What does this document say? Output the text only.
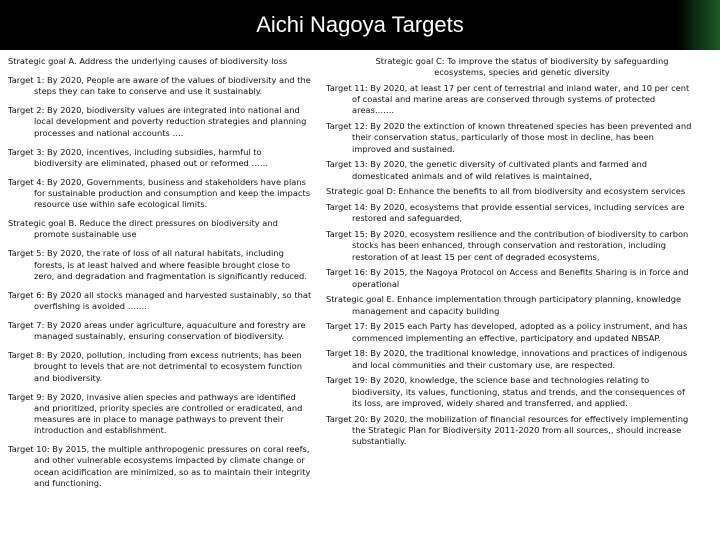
Aichi Nagoya Targets

Strategic goal A. Address the underlying causes of biodiversity loss

Target 1: By 2020, People are aware of the values of biodiversity and the steps they can take to conserve and use it sustainably.

Target 2: By 2020, biodiversity values are integrated into national and local development and poverty reduction strategies and planning processes and national accounts ….

Target 3: By 2020, incentives, including subsidies, harmful to biodiversity are eliminated, phased out or reformed ……

Target 4: By 2020, Governments, business and stakeholders have plans for sustainable production and consumption and keep the impacts resource use within safe ecological limits.

Strategic goal B. Reduce the direct pressures on biodiversity and promote sustainable use

Target 5: By 2020, the rate of loss of all natural habitats, including forests, is at least halved and where feasible brought close to zero, and degradation and fragmentation is significantly reduced.

Target 6: By 2020 all stocks managed and harvested sustainably, so that overfishing is avoided …….

Target 7: By 2020 areas under agriculture, aquaculture and forestry are managed sustainably, ensuring conservation of biodiversity.

Target 8: By 2020, pollution, including from excess nutrients, has been brought to levels that are not detrimental to ecosystem function and biodiversity.

Target 9: By 2020, invasive alien species and pathways are identified and prioritized, priority species are controlled or eradicated, and measures are in place to manage pathways to prevent their introduction and establishment.

Target 10: By 2015, the multiple anthropogenic pressures on coral reefs, and other vulnerable ecosystems impacted by climate change or ocean acidification are minimized, so as to maintain their integrity and functioning.

Strategic goal C: To improve the status of biodiversity by safeguarding ecosystems, species and genetic diversity

Target 11: By 2020, at least 17 per cent of terrestrial and inland water, and 10 per cent of coastal and marine areas are conserved through systems of protected areas…….

Target 12: By 2020 the extinction of known threatened species has been prevented and their conservation status, particularly of those most in decline, has been improved and sustained.

Target 13: By 2020, the genetic diversity of cultivated plants and farmed and domesticated animals and of wild relatives is maintained,

Strategic goal D: Enhance the benefits to all from biodiversity and ecosystem services

Target 14: By 2020, ecosystems that provide essential services, including services are restored and safeguarded,

Target 15: By 2020, ecosystem resilience and the contribution of biodiversity to carbon stocks has been enhanced, through conservation and restoration, including restoration of at least 15 per cent of degraded ecosystems,

Target 16: By 2015, the Nagoya Protocol on Access and Benefits Sharing is in force and operational

Strategic goal E. Enhance implementation through participatory planning, knowledge management and capacity building

Target 17: By 2015 each Party has developed, adopted as a policy instrument, and has commenced implementing an effective, participatory and updated NBSAP.

Target 18: By 2020, the traditional knowledge, innovations and practices of indigenous and local communities and their customary use, are respected.

Target 19: By 2020, knowledge, the science base and technologies relating to biodiversity, its values, functioning, status and trends, and the consequences of its loss, are improved, widely shared and transferred, and applied.

Target 20: By 2020, the mobilization of financial resources for effectively implementing the Strategic Plan for Biodiversity 2011-2020 from all sources,, should increase substantially.
